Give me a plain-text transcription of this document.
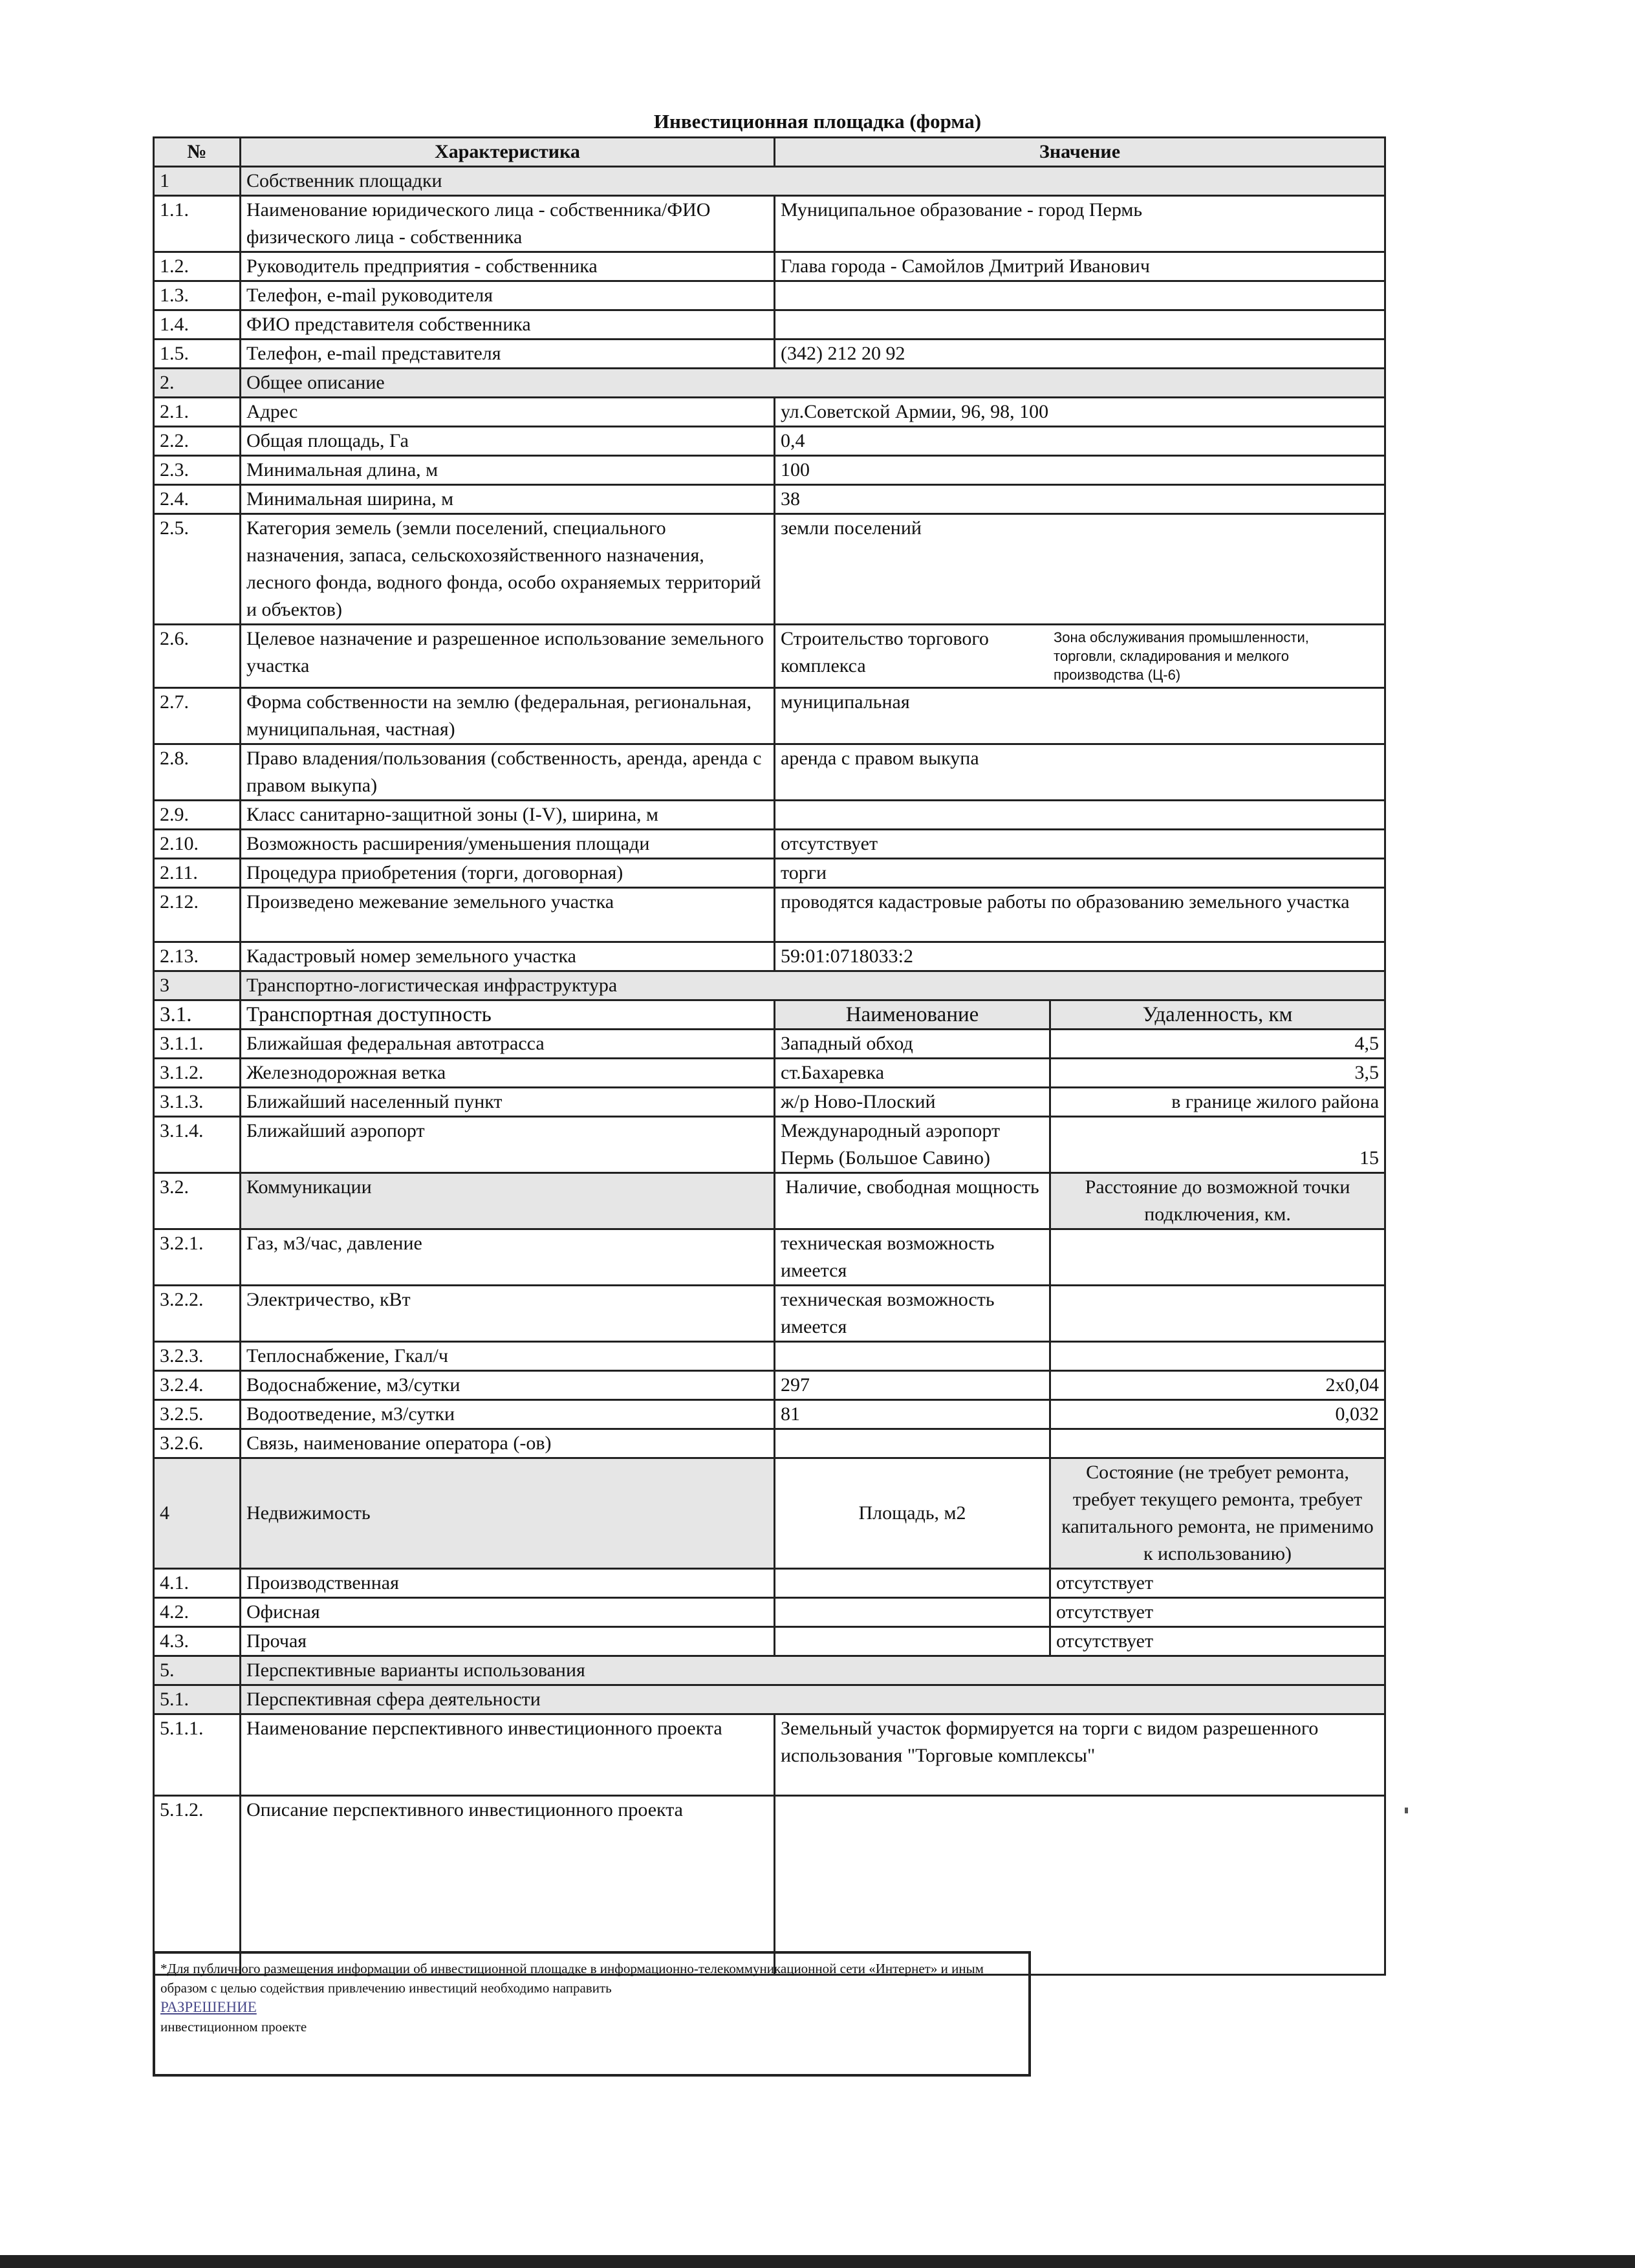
Инвестиционная площадка (форма)
№	Характеристика	Значение	
1	Собственник площадки		
1.1.	Наименование юридического лица - собственника/ФИО физического лица - собственника	Муниципальное образование - город Пермь	
1.2.	Руководитель предприятия - собственника	Глава города - Самойлов Дмитрий Иванович	
1.3.	Телефон, e-mail руководителя		
1.4.	ФИО представителя собственника		
1.5.	Телефон, e-mail представителя	(342) 212 20 92	
2.	Общее описание		
2.1.	Адрес	ул.Советской Армии, 96, 98, 100	
2.2.	Общая площадь, Га	0,4	
2.3.	Минимальная длина, м	100	
2.4.	Минимальная ширина, м	38	
2.5.	Категория земель (земли поселений, специального назначения, запаса, сельскохозяйственного назначения, лесного фонда, водного фонда, особо охраняемых территорий и объектов)	земли поселений	
2.6.	Целевое назначение и разрешенное использование земельного участка	Строительство торгового комплекса
Зона обслуживания промышленности, торговли, складирования и мелкого производства (Ц-6)	

2.7.	Форма собственности на землю (федеральная, региональная, муниципальная, частная)	муниципальная	
2.8.	Право владения/пользования (собственность, аренда, аренда с правом выкупа)	аренда с правом выкупа	
2.9.	Класс санитарно-защитной зоны (I-V), ширина, м		
2.10.	Возможность расширения/уменьшения площади	отсутствует	
2.11.	Процедура приобретения (торги, договорная)	торги	
2.12.	Произведено межевание земельного участка	проводятся кадастровые работы по образованию земельного участка	
2.13.	Кадастровый номер земельного участка	59:01:0718033:2	
3	Транспортно-логистическая инфраструктура		
3.1.	Транспортная доступность	Наименование	Удаленность, км
3.1.1.	Ближайшая федеральная автотрасса	Западный обход	4,5
3.1.2.	Железнодорожная ветка	ст.Бахаревка	3,5
3.1.3.	Ближайший населенный пункт	ж/р Ново-Плоский	в границе жилого района
3.1.4.	Ближайший аэропорт	Международный аэропорт Пермь (Большое Савино)	15
3.2.	Коммуникации	Наличие, свободная мощность	Расстояние до возможной точки подключения, км.
3.2.1.	Газ, м3/час, давление	техническая возможность имеется	
3.2.2.	Электричество, кВт	техническая возможность имеется	
3.2.3.	Теплоснабжение, Гкал/ч		
3.2.4.	Водоснабжение, м3/сутки	297	2х0,04
3.2.5.	Водоотведение, м3/сутки	81	0,032
3.2.6.	Связь, наименование оператора (-ов)		
4	Недвижимость	Площадь, м2	Состояние (не требует ремонта, требует текущего ремонта, требует капитального ремонта, не применимо к использованию)
4.1.	Производственная		отсутствует
4.2.	Офисная		отсутствует
4.3.	Прочая		отсутствует
5.	Перспективные варианты использования		
5.1.	Перспективная сфера деятельности		
5.1.1.	Наименование перспективного инвестиционного проекта	Земельный участок формируется на торги с видом разрешенного использования "Торговые комплексы"	
5.1.2.	Описание перспективного инвестиционного проекта		
*Для публичного размещения информации об инвестиционной площадке в информационно-телекоммуникационной сети «Интернет» и иным образом с целью содействия привлечению инвестиций необходимо направить
РАЗРЕШЕНИЕ
инвестиционном проекте
